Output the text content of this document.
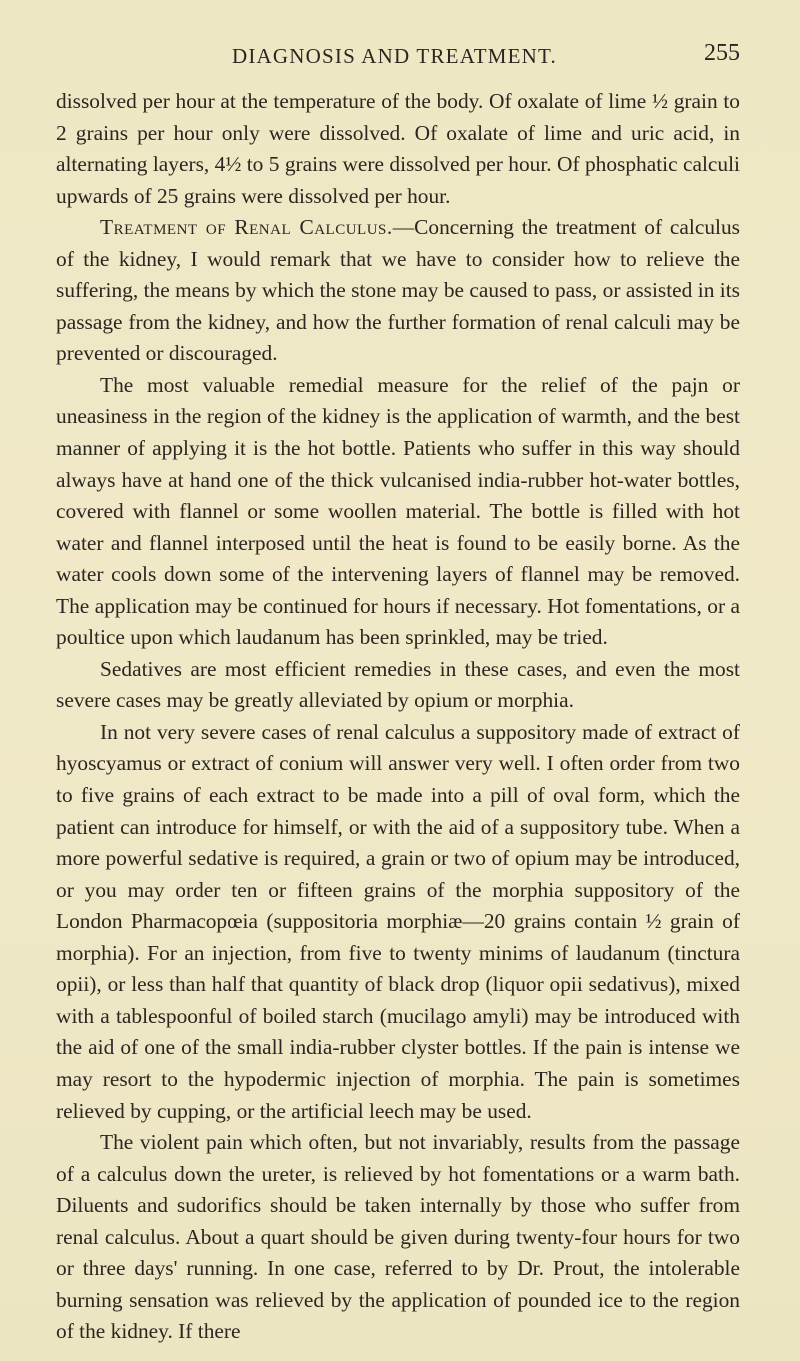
DIAGNOSIS AND TREATMENT.	255

dissolved per hour at the temperature of the body. Of oxalate of lime ½ grain to 2 grains per hour only were dissolved. Of oxalate of lime and uric acid, in alternating layers, 4½ to 5 grains were dissolved per hour. Of phosphatic calculi upwards of 25 grains were dissolved per hour.

Treatment of Renal Calculus.—Concerning the treatment of calculus of the kidney, I would remark that we have to consider how to relieve the suffering, the means by which the stone may be caused to pass, or assisted in its passage from the kidney, and how the further formation of renal calculi may be prevented or discouraged.

The most valuable remedial measure for the relief of the pajn or uneasiness in the region of the kidney is the application of warmth, and the best manner of applying it is the hot bottle. Patients who suffer in this way should always have at hand one of the thick vulcanised india-rubber hot-water bottles, covered with flannel or some woollen material. The bottle is filled with hot water and flannel interposed until the heat is found to be easily borne. As the water cools down some of the intervening layers of flannel may be removed. The application may be continued for hours if necessary. Hot fomentations, or a poultice upon which laudanum has been sprinkled, may be tried.

Sedatives are most efficient remedies in these cases, and even the most severe cases may be greatly alleviated by opium or morphia.

In not very severe cases of renal calculus a suppository made of extract of hyoscyamus or extract of conium will answer very well. I often order from two to five grains of each extract to be made into a pill of oval form, which the patient can introduce for himself, or with the aid of a suppository tube. When a more powerful sedative is required, a grain or two of opium may be introduced, or you may order ten or fifteen grains of the morphia suppository of the London Pharmacopœia (suppositoria morphiæ—20 grains contain ½ grain of morphia). For an injection, from five to twenty minims of laudanum (tinctura opii), or less than half that quantity of black drop (liquor opii sedativus), mixed with a tablespoonful of boiled starch (mucilago amyli) may be introduced with the aid of one of the small india-rubber clyster bottles. If the pain is intense we may resort to the hypodermic injection of morphia. The pain is sometimes relieved by cupping, or the artificial leech may be used.

The violent pain which often, but not invariably, results from the passage of a calculus down the ureter, is relieved by hot fomentations or a warm bath. Diluents and sudorifics should be taken internally by those who suffer from renal calculus. About a quart should be given during twenty-four hours for two or three days' running. In one case, referred to by Dr. Prout, the intolerable burning sensation was relieved by the application of pounded ice to the region of the kidney. If there
